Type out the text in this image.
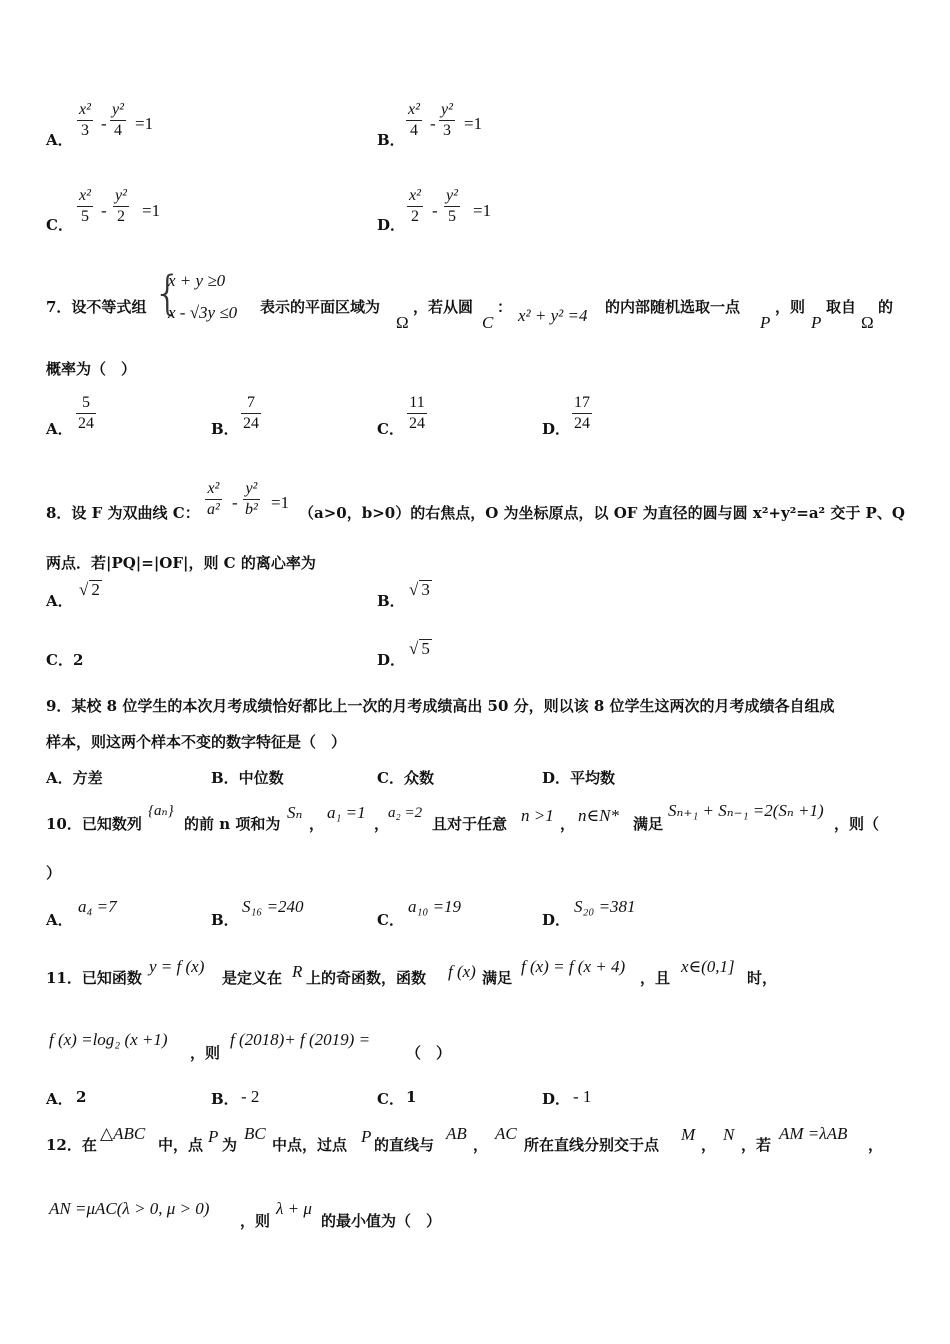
A． $\frac{\text{x²}}{3} - \frac{\text{y²}}{4} =1$
B． $\frac{\text{x²}}{4} - \frac{\text{y²}}{3} =1$
C． $\frac{\text{x²}}{5} - \frac{\text{y²}}{2} =1$
D． $\frac{\text{x²}}{2} - \frac{\text{y²}}{5} =1$
7．设不等式组 {
x + y ≥0
x - √3y ≤0 表示的平面区域为
Ω
，若从圆
C
： x² + y² =4 的内部随机选取一点
P
，则
P
取自
Ω
的
概率为（　）
A． $\frac{5}{24}$	B． $\frac{7}{24}$	C． $\frac{11}{24}$	D． $\frac{17}{24}$
8．设 F 为双曲线 C： $\frac{\text{x²}}{\text{a²}} - \frac{\text{y²}}{\text{b²}} =1$
（a>0，b>0）的右焦点，O 为坐标原点，以 OF 为直径的圆与圆 x²+y²=a² 交于 P、Q
两点．若|PQ|=|OF|，则 C 的离心率为
A．
√ 2
B．
√ 3
C．2	D．
√ 5
9．某校 8 位学生的本次月考成绩恰好都比上一次的月考成绩高出 50 分，则以该 8 位学生这两次的月考成绩各自组成
样本，则这两个样本不变的数字特征是（　）
A．方差	B．中位数	C．众数	D．平均数
10．已知数列
{aₙ}
的前 n 项和为
Sₙ
，
a₁ =1
，
a₂ =2
且对于任意 n >1 ， n∈N* 满足
Sₙ₊₁ + Sₙ₋₁ =2(Sₙ +1)
，则（
）
A．
a₄ =7
B．
S₁₆ =240
C．
a₁₀ =19
D．
S₂₀ =381
11．已知函数
y = f (x)
是定义在 R 上的奇函数，函数 f (x) 满足
f (x) = f (x + 4)
，且
x∈(0,1]
时，
f (x) =log₂ (x +1)
，则
f (2018)+ f (2019) =
（　）
A． 2	B． - 2	C． 1	D． - 1
12．在
△ABC
中，点 P 为
BC
中点，过点 P 的直线与
AB
，
AC
所在直线分别交于点
M
，
N
，若
AM =λAB
，
AN =μAC(λ > 0, μ > 0)
，则
λ + μ
的最小值为（　）
